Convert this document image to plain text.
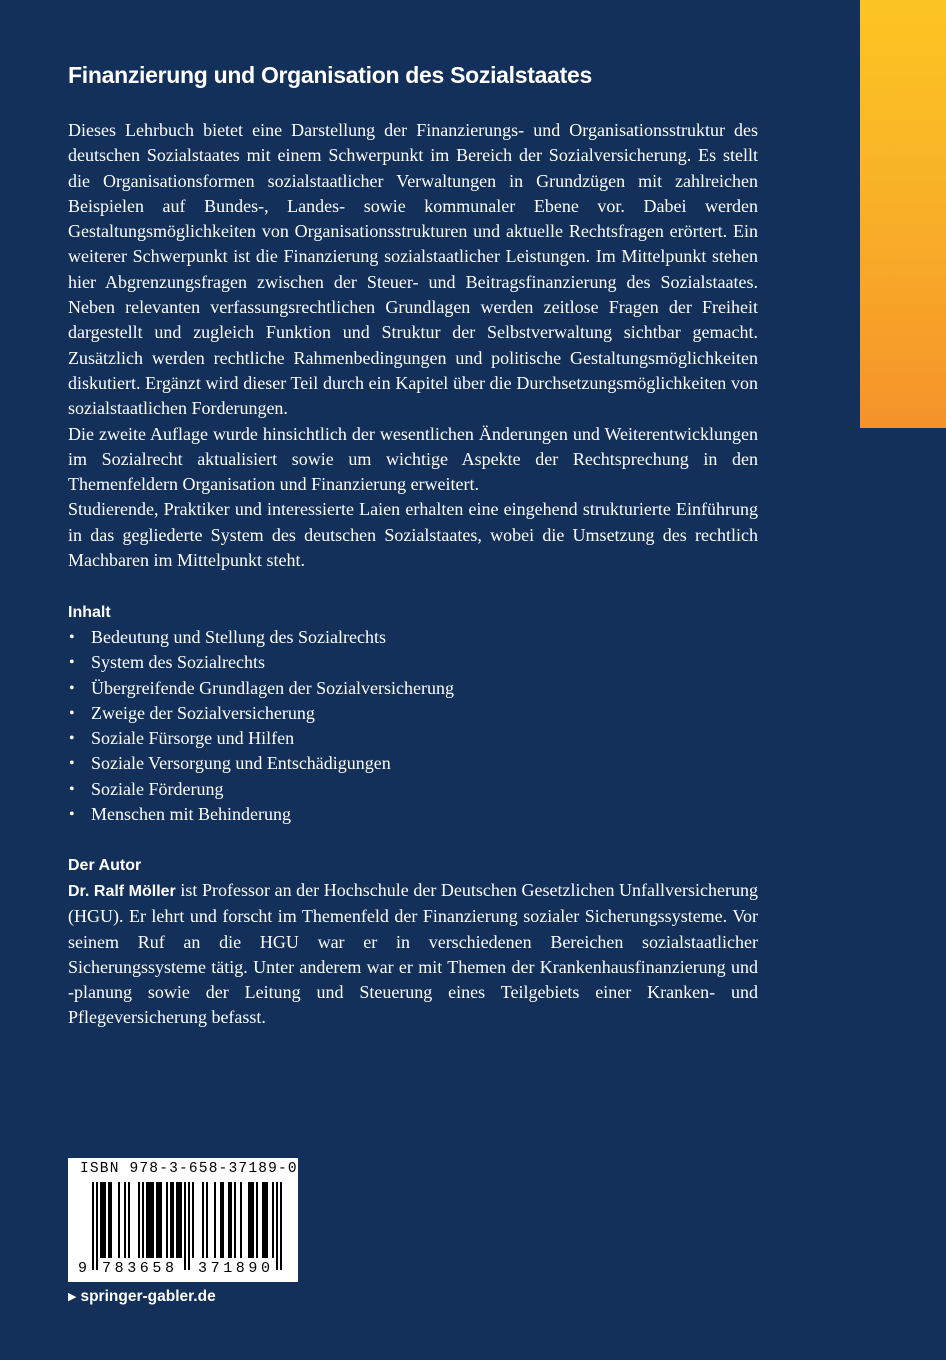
Finanzierung und Organisation des Sozialstaates

Dieses Lehrbuch bietet eine Darstellung der Finanzierungs- und Organisationsstruktur des deutschen Sozialstaates mit einem Schwerpunkt im Bereich der Sozialversicherung. Es stellt die Organisationsformen sozialstaatlicher Verwaltungen in Grundzügen mit zahlreichen Beispielen auf Bundes-, Landes- sowie kommunaler Ebene vor. Dabei werden Gestaltungsmöglichkeiten von Organisationsstrukturen und aktuelle Rechtsfragen erörtert. Ein weiterer Schwerpunkt ist die Finanzierung sozialstaatlicher Leistungen. Im Mittelpunkt stehen hier Abgrenzungsfragen zwischen der Steuer- und Beitragsfinanzierung des Sozialstaates. Neben relevanten verfassungsrechtlichen Grundlagen werden zeitlose Fragen der Freiheit dargestellt und zugleich Funktion und Struktur der Selbstverwaltung sichtbar gemacht. Zusätzlich werden rechtliche Rahmenbedingungen und politische Gestaltungsmöglichkeiten diskutiert. Ergänzt wird dieser Teil durch ein Kapitel über die Durchsetzungsmöglichkeiten von sozialstaatlichen Forderungen.

Die zweite Auflage wurde hinsichtlich der wesentlichen Änderungen und Weiterentwicklungen im Sozialrecht aktualisiert sowie um wichtige Aspekte der Rechtsprechung in den Themenfeldern Organisation und Finanzierung erweitert.

Studierende, Praktiker und interessierte Laien erhalten eine eingehend strukturierte Einführung in das gegliederte System des deutschen Sozialstaates, wobei die Umsetzung des rechtlich Machbaren im Mittelpunkt steht.

Inhalt
• Bedeutung und Stellung des Sozialrechts
• System des Sozialrechts
• Übergreifende Grundlagen der Sozialversicherung
• Zweige der Sozialversicherung
• Soziale Fürsorge und Hilfen
• Soziale Versorgung und Entschädigungen
• Soziale Förderung
• Menschen mit Behinderung
Der Autor

Dr. Ralf Möller ist Professor an der Hochschule der Deutschen Gesetzlichen Unfallversicherung (HGU). Er lehrt und forscht im Themenfeld der Finanzierung sozialer Sicherungssysteme. Vor seinem Ruf an die HGU war er in verschiedenen Bereichen sozialstaatlicher Sicherungssysteme tätig. Unter anderem war er mit Themen der Krankenhausfinanzierung und -planung sowie der Leitung und Steuerung eines Teilgebiets einer Kranken- und Pflegeversicherung befasst.

ISBN 978-3-658-37189-0
9 783658 371890
▶ springer-gabler.de
